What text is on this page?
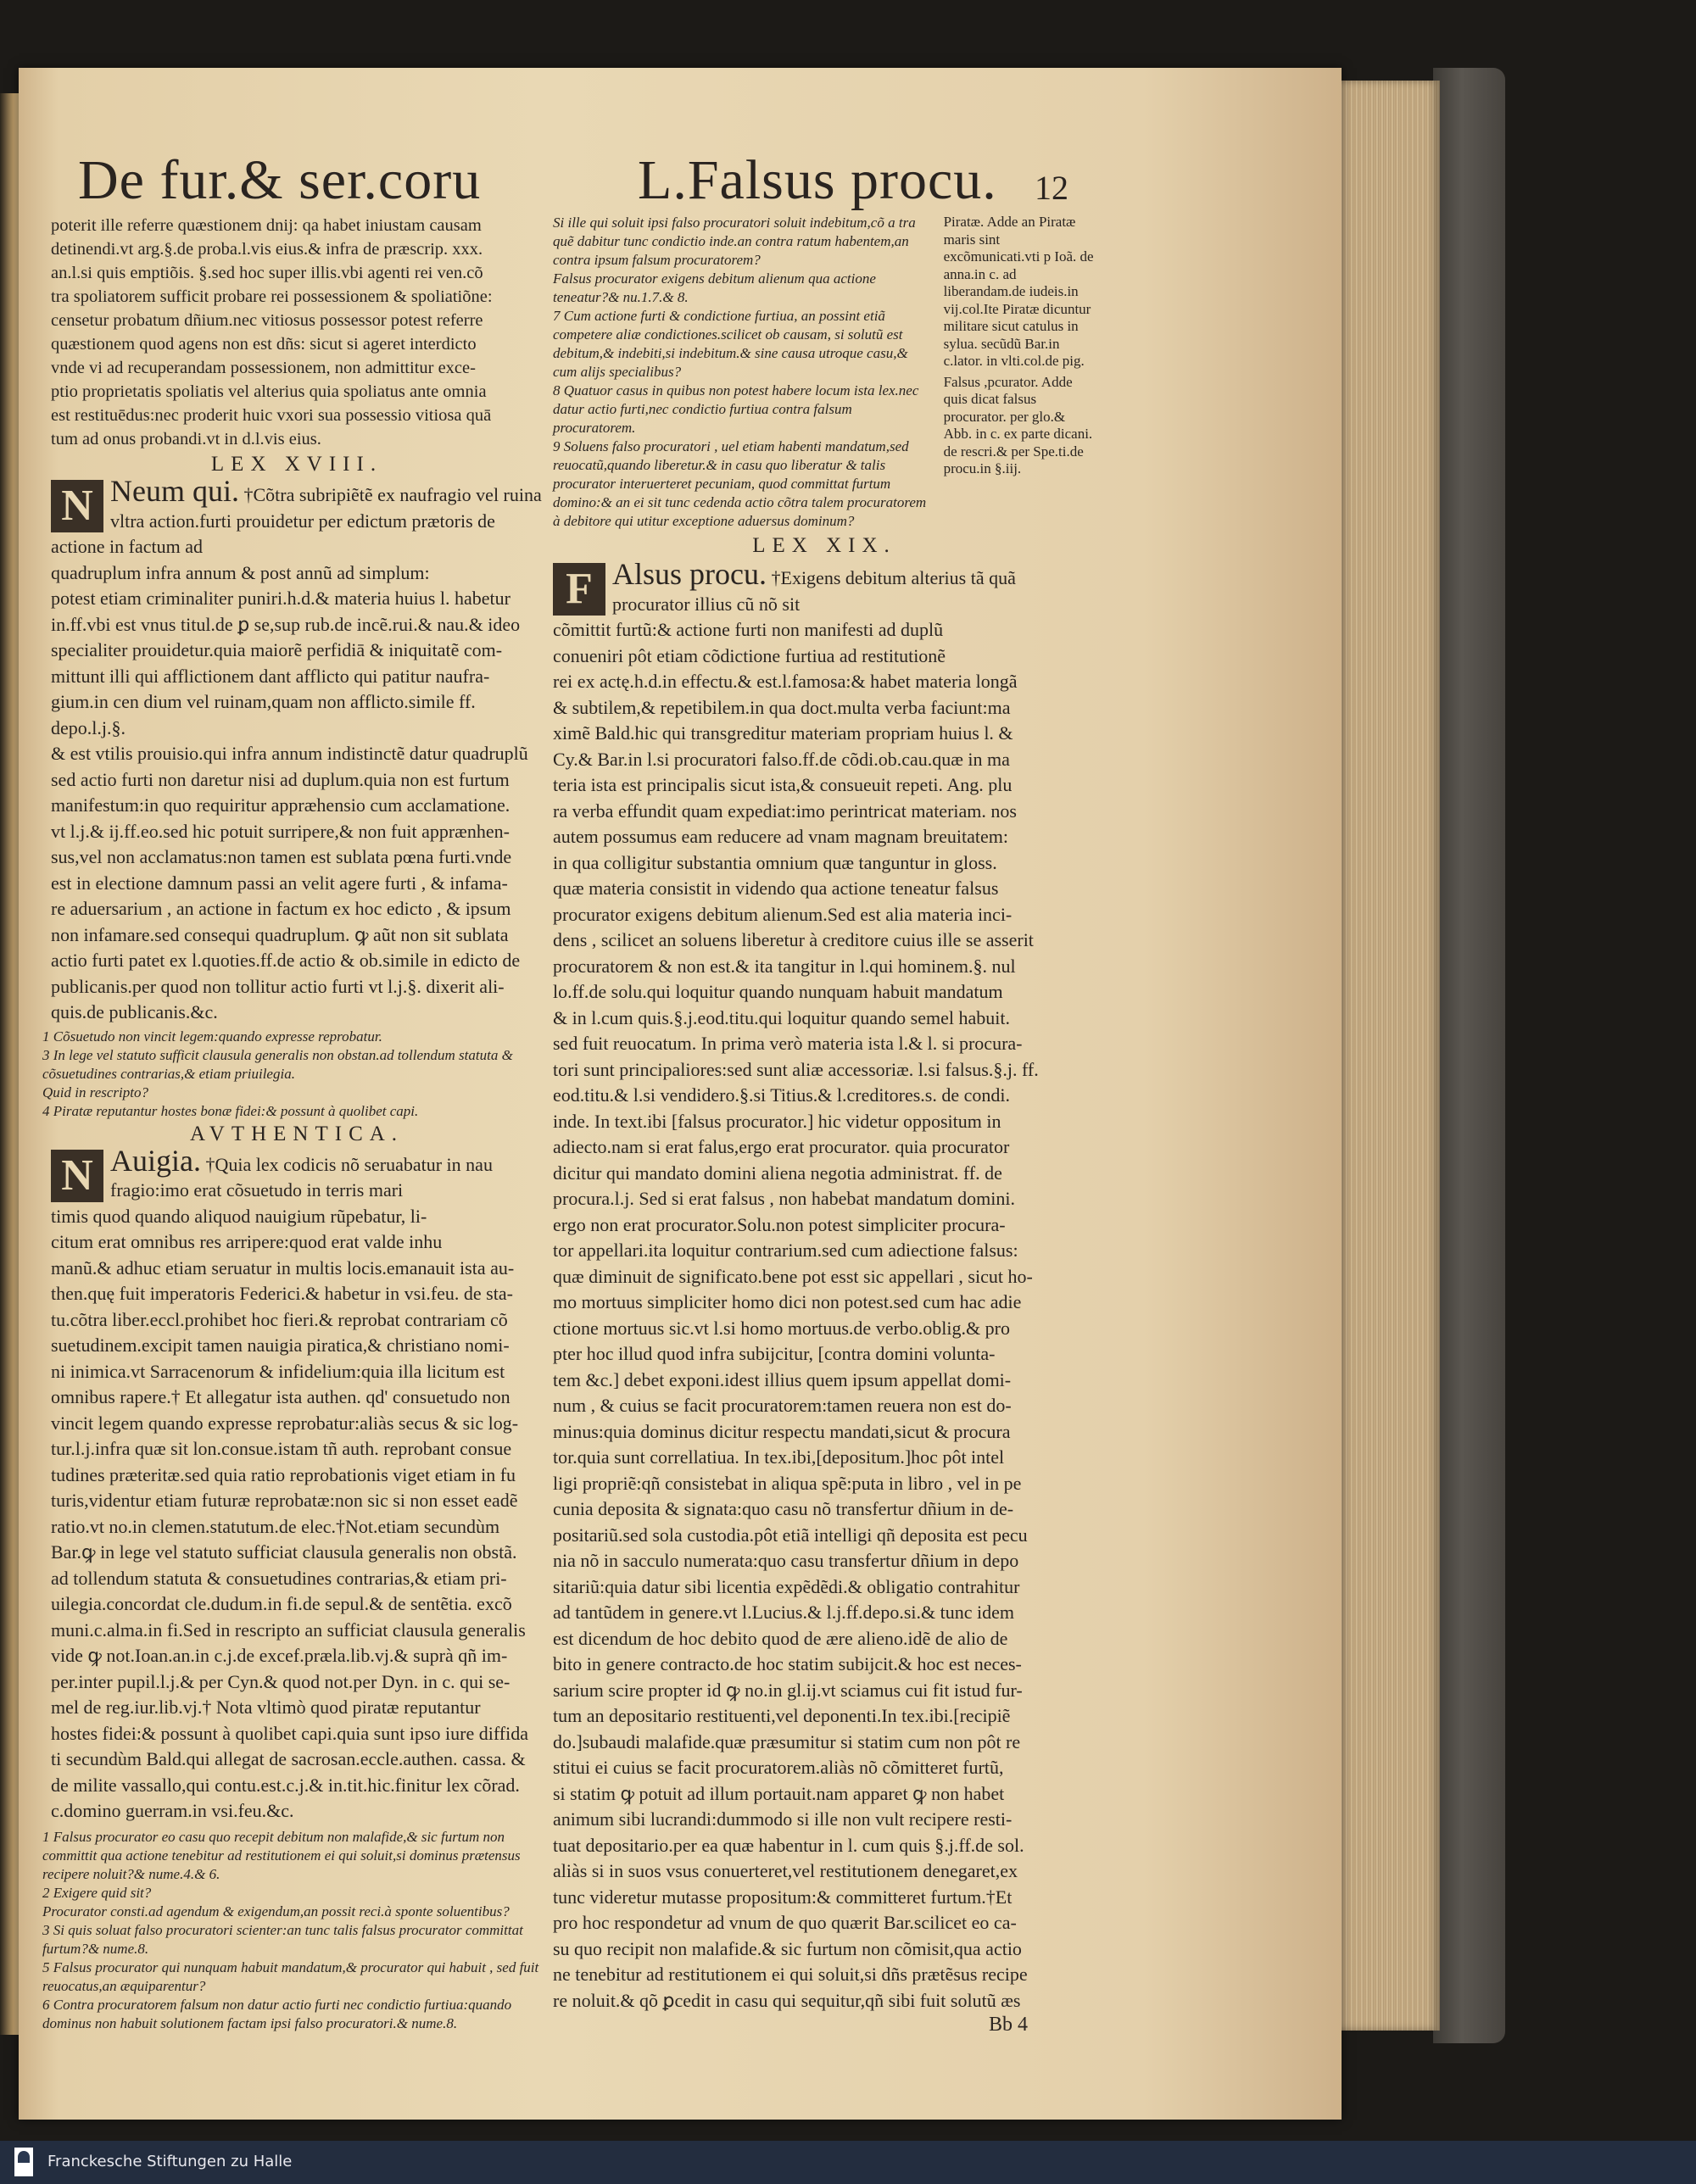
De fur.& ser.coru	L.Falsus procu. 12

poterit ille referre quæstionem dnij: qa habet iniustam causam

detinendi.vt arg.§.de proba.l.vis eius.& infra de præscrip. xxx.

an.l.si quis emptiõis. §.sed hoc super illis.vbi agenti rei ven.cõ

tra spoliatorem sufficit probare rei possessionem & spoliatiõne:

censetur probatum dñium.nec vitiosus possessor potest referre

quæstionem quod agens non est dñs: sicut si ageret interdicto

vnde vi ad recuperandam possessionem, non admittitur exce-

ptio proprietatis spoliatis vel alterius quia spoliatus ante omnia

est restituēdus:nec proderit huic vxori sua possessio vitiosa quā

tum ad onus probandi.vt in d.l.vis eius.

LEX XVIII.
N Neum qui. †Cõtra subripiẽtẽ ex naufragio vel ruina vltra action.furti prouidetur per edictum prætoris de actione in factum ad

quadruplum infra annum & post annũ ad simplum:

potest etiam criminaliter puniri.h.d.& materia huius l. habetur

in.ff.vbi est vnus titul.de ꝑ se,sup rub.de incẽ.rui.& nau.& ideo

specialiter prouidetur.quia maiorẽ perfidiā & iniquitatẽ com-

mittunt illi qui afflictionem dant afflicto qui patitur naufra-

gium.in cen dium vel ruinam,quam non afflicto.simile ff. depo.l.j.§.

& est vtilis prouisio.qui infra annum indistinctẽ datur quadruplũ

sed actio furti non daretur nisi ad duplum.quia non est furtum

manifestum:in quo requiritur appræhensio cum acclamatione.

vt l.j.& ij.ff.eo.sed hic potuit surripere,& non fuit apprænhen-

sus,vel non acclamatus:non tamen est sublata pœna furti.vnde

est in electione damnum passi an velit agere furti , & infama-

re aduersarium , an actione in factum ex hoc edicto , & ipsum

non infamare.sed consequi quadruplum. ꝙ aũt non sit sublata

actio furti patet ex l.quoties.ff.de actio & ob.simile in edicto de

publicanis.per quod non tollitur actio furti vt l.j.§. dixerit ali-

quis.de publicanis.&c.

1 Cõsuetudo non vincit legem:quando expresse reprobatur.

3 In lege vel statuto sufficit clausula generalis non obstan.ad tollendum statuta & cõsuetudines contrarias,& etiam priuilegia.

Quid in rescripto?

4 Piratæ reputantur hostes bonæ fidei:& possunt à quolibet capi.

AVTHENTICA.
N Auigia. †Quia lex codicis nõ seruabatur in nau fragio:imo erat cõsuetudo in terris mari

timis quod quando aliquod nauigium rũpebatur, li-

citum erat omnibus res arripere:quod erat valde inhu

manũ.& adhuc etiam seruatur in multis locis.emanauit ista au-

then.quę fuit imperatoris Federici.& habetur in vsi.feu. de sta-

tu.cõtra liber.eccl.prohibet hoc fieri.& reprobat contrariam cõ

suetudinem.excipit tamen nauigia piratica,& christiano nomi-

ni inimica.vt Sarracenorum & infidelium:quia illa licitum est

omnibus rapere.† Et allegatur ista authen. qd' consuetudo non

vincit legem quando expresse reprobatur:aliàs secus & sic log-

tur.l.j.infra quæ sit lon.consue.istam tñ auth. reprobant consue

tudines præteritæ.sed quia ratio reprobationis viget etiam in fu

turis,videntur etiam futuræ reprobatæ:non sic si non esset eadẽ

ratio.vt no.in clemen.statutum.de elec.†Not.etiam secundùm

Bar.ꝙ in lege vel statuto sufficiat clausula generalis non obstã.

ad tollendum statuta & consuetudines contrarias,& etiam pri-

uilegia.concordat cle.dudum.in fi.de sepul.& de sentẽtia. excõ

muni.c.alma.in fi.Sed in rescripto an sufficiat clausula generalis

vide ꝙ not.Ioan.an.in c.j.de excef.præla.lib.vj.& suprà qñ im-

per.inter pupil.l.j.& per Cyn.& quod not.per Dyn. in c. qui se-

mel de reg.iur.lib.vj.† Nota vltimò quod piratæ reputantur

hostes fidei:& possunt à quolibet capi.quia sunt ipso iure diffida

ti secundùm Bald.qui allegat de sacrosan.eccle.authen. cassa. &

de milite vassallo,qui contu.est.c.j.& in.tit.hic.finitur lex cõrad.

c.domino guerram.in vsi.feu.&c.

1 Falsus procurator eo casu quo recepit debitum non malafide,& sic furtum non committit qua actione tenebitur ad restitutionem ei qui soluit,si dominus prætensus recipere noluit?& nume.4.& 6.

2 Exigere quid sit?

Procurator consti.ad agendum & exigendum,an possit reci.à sponte soluentibus?

3 Si quis soluat falso procuratori scienter:an tunc talis falsus procurator committat furtum?& nume.8.

5 Falsus procurator qui nunquam habuit mandatum,& procurator qui habuit , sed fuit reuocatus,an æquiparentur?

6 Contra procuratorem falsum non datur actio furti nec condictio furtiua:quando dominus non habuit solutionem factam ipsi falso procuratori.& nume.8.

Si ille qui soluit ipsi falso procuratori soluit indebitum,cõ a tra quẽ dabitur tunc condictio inde.an contra ratum habentem,an contra ipsum falsum procuratorem?

Falsus procurator exigens debitum alienum qua actione teneatur?& nu.1.7.& 8.

7 Cum actione furti & condictione furtiua, an possint etiã competere aliæ condictiones.scilicet ob causam, si solutũ est debitum,& indebiti,si indebitum.& sine causa utroque casu,& cum alijs specialibus?

8 Quatuor casus in quibus non potest habere locum ista lex.nec datur actio furti,nec condictio furtiua contra falsum procuratorem.

9 Soluens falso procuratori , uel etiam habenti mandatum,sed reuocatũ,quando liberetur.& in casu quo liberatur & talis procurator interuerteret pecuniam, quod committat furtum domino:& an ei sit tunc cedenda actio cõtra talem procuratorem à debitore qui utitur exceptione aduersus dominum?

Piratæ. Adde an Piratæ maris sint excõmunicati.vti p Ioã. de anna.in c. ad liberandam.de iudeis.in vij.col.Ite Piratæ dicuntur militare sicut catulus in sylua. secũdũ Bar.in c.lator. in vlti.col.de pig.

Falsus ,pcurator. Adde quis dicat falsus procurator. per glo.& Abb. in c. ex parte dicani. de rescri.& per Spe.ti.de procu.in §.iij.

LEX XIX.
F Alsus procu. †Exigens debitum alterius tã quã procurator illius cũ nõ sit

cõmittit furtũ:& actione furti non manifesti ad duplũ

conueniri pôt etiam cõdictione furtiua ad restitutionẽ

rei ex actę.h.d.in effectu.& est.l.famosa:& habet materia longã

& subtilem,& repetibilem.in qua doct.multa verba faciunt:ma

ximẽ Bald.hic qui transgreditur materiam propriam huius l. &

Cy.& Bar.in l.si procuratori falso.ff.de cõdi.ob.cau.quæ in ma

teria ista est principalis sicut ista,& consueuit repeti. Ang. plu

ra verba effundit quam expediat:imo perintricat materiam. nos

autem possumus eam reducere ad vnam magnam breuitatem:

in qua colligitur substantia omnium quæ tanguntur in gloss.

quæ materia consistit in videndo qua actione teneatur falsus

procurator exigens debitum alienum.Sed est alia materia inci-

dens , scilicet an soluens liberetur à creditore cuius ille se asserit

procuratorem & non est.& ita tangitur in l.qui hominem.§. nul

lo.ff.de solu.qui loquitur quando nunquam habuit mandatum

& in l.cum quis.§.j.eod.titu.qui loquitur quando semel habuit.

sed fuit reuocatum. In prima verò materia ista l.& l. si procura-

tori sunt principaliores:sed sunt aliæ accessoriæ. l.si falsus.§.j. ff.

eod.titu.& l.si vendidero.§.si Titius.& l.creditores.s. de condi.

inde. In text.ibi [falsus procurator.] hic videtur oppositum in

adiecto.nam si erat falus,ergo erat procurator. quia procurator

dicitur qui mandato domini aliena negotia administrat. ff. de

procura.l.j. Sed si erat falsus , non habebat mandatum domini.

ergo non erat procurator.Solu.non potest simpliciter procura-

tor appellari.ita loquitur contrarium.sed cum adiectione falsus:

quæ diminuit de significato.bene pot esst sic appellari , sicut ho-

mo mortuus simpliciter homo dici non potest.sed cum hac adie

ctione mortuus sic.vt l.si homo mortuus.de verbo.oblig.& pro

pter hoc illud quod infra subijcitur, [contra domini volunta-

tem &c.] debet exponi.idest illius quem ipsum appellat domi-

num , & cuius se facit procuratorem:tamen reuera non est do-

minus:quia dominus dicitur respectu mandati,sicut & procura

tor.quia sunt correllatiua. In tex.ibi,[depositum.]hoc pôt intel

ligi propriẽ:qñ consistebat in aliqua spẽ:puta in libro , vel in pe

cunia deposita & signata:quo casu nõ transfertur dñium in de-

positariũ.sed sola custodia.pôt etiã intelligi qñ deposita est pecu

nia nõ in sacculo numerata:quo casu transfertur dñium in depo

sitariũ:quia datur sibi licentia expẽdẽdi.& obligatio contrahitur

ad tantũdem in genere.vt l.Lucius.& l.j.ff.depo.si.& tunc idem

est dicendum de hoc debito quod de ære alieno.idẽ de alio de

bito in genere contracto.de hoc statim subijcit.& hoc est neces-

sarium scire propter id ꝙ no.in gl.ij.vt sciamus cui fit istud fur-

tum an depositario restituenti,vel deponenti.In tex.ibi.[recipiẽ

do.]subaudi malafide.quæ præsumitur si statim cum non pôt re

stitui ei cuius se facit procuratorem.aliàs nõ cõmitteret furtũ,

si statim ꝙ potuit ad illum portauit.nam apparet ꝙ non habet

animum sibi lucrandi:dummodo si ille non vult recipere resti-

tuat depositario.per ea quæ habentur in l. cum quis §.j.ff.de sol.

aliàs si in suos vsus conuerteret,vel restitutionem denegaret,ex

tunc videretur mutasse propositum:& committeret furtum.†Et

pro hoc respondetur ad vnum de quo quærit Bar.scilicet eo ca-

su quo recipit non malafide.& sic furtum non cõmisit,qua actio

ne tenebitur ad restitutionem ei qui soluit,si dñs prætẽsus recipe

re noluit.& qõ ꝑcedit in casu qui sequitur,qñ sibi fuit solutũ æs

Bb 4
Franckesche Stiftungen zu Halle
